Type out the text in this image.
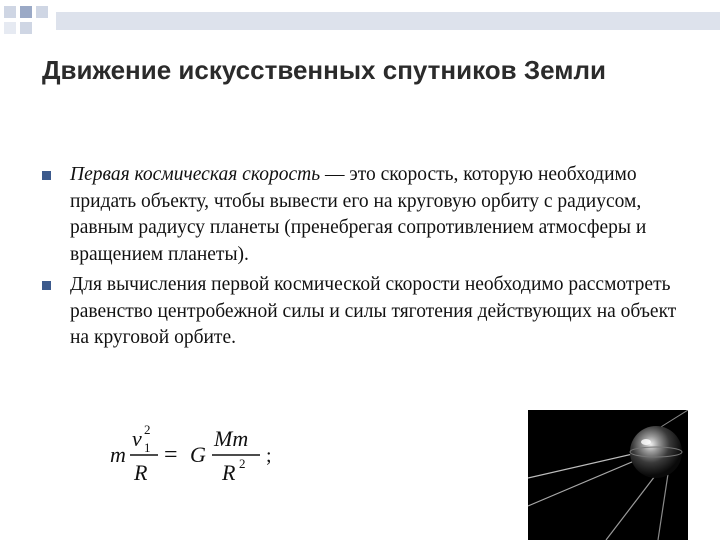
Движение искусственных спутников Земли
Первая космическая скорость — это скорость, которую необходимо придать объекту, чтобы вывести его на круговую орбиту с радиусом, равным радиусу планеты (пренебрегая сопротивлением атмосферы и вращением планеты).
Для вычисления первой космической скорости необходимо рассмотреть равенство центробежной силы и силы тяготения действующих на объект на круговой орбите.
m
v 2
1
R
= G
Mm
R 2 ;
